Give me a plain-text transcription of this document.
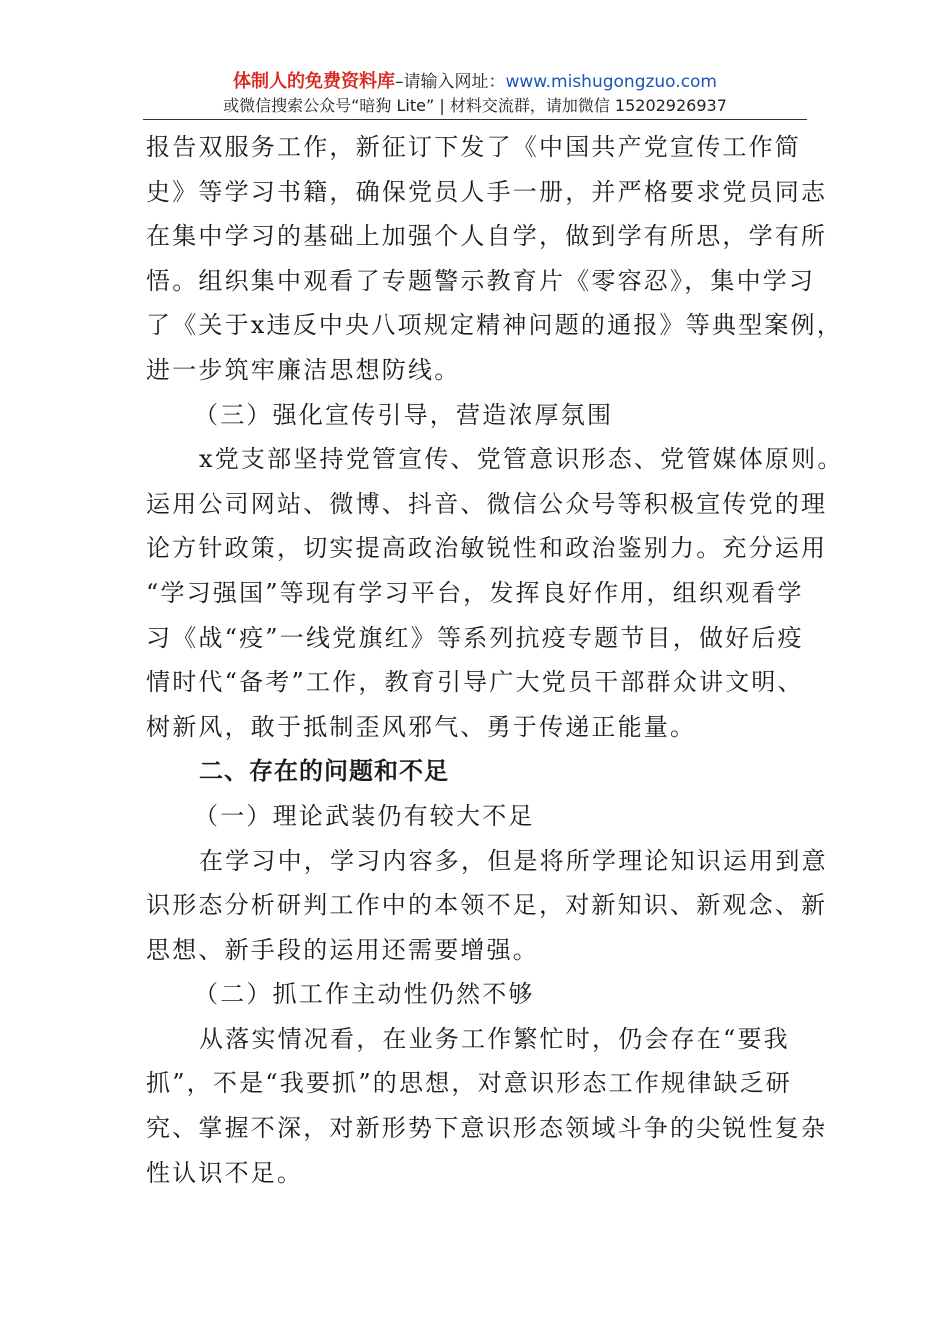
体制人的免费资料库–请输入网址：www.mishugongzuo.com
或微信搜索公众号“暗狗 Lite” | 材料交流群，请加微信 15202926937
报告双服务工作，新征订下发了《中国共产党宣传工作简
史》等学习书籍，确保党员人手一册，并严格要求党员同志
在集中学习的基础上加强个人自学，做到学有所思，学有所
悟。组织集中观看了专题警示教育片《零容忍》，集中学习
了《关于x违反中央八项规定精神问题的通报》等典型案例，
进一步筑牢廉洁思想防线。
（三）强化宣传引导，营造浓厚氛围
x党支部坚持党管宣传、党管意识形态、党管媒体原则。
运用公司网站、微博、抖音、微信公众号等积极宣传党的理
论方针政策，切实提高政治敏锐性和政治鉴别力。充分运用
“学习强国”等现有学习平台，发挥良好作用，组织观看学
习《战“疫”一线党旗红》等系列抗疫专题节目，做好后疫
情时代“备考”工作，教育引导广大党员干部群众讲文明、
树新风，敢于抵制歪风邪气、勇于传递正能量。
二、存在的问题和不足
（一）理论武装仍有较大不足
在学习中，学习内容多，但是将所学理论知识运用到意
识形态分析研判工作中的本领不足，对新知识、新观念、新
思想、新手段的运用还需要增强。
（二）抓工作主动性仍然不够
从落实情况看，在业务工作繁忙时，仍会存在“要我
抓”，不是“我要抓”的思想，对意识形态工作规律缺乏研
究、掌握不深，对新形势下意识形态领域斗争的尖锐性复杂
性认识不足。
